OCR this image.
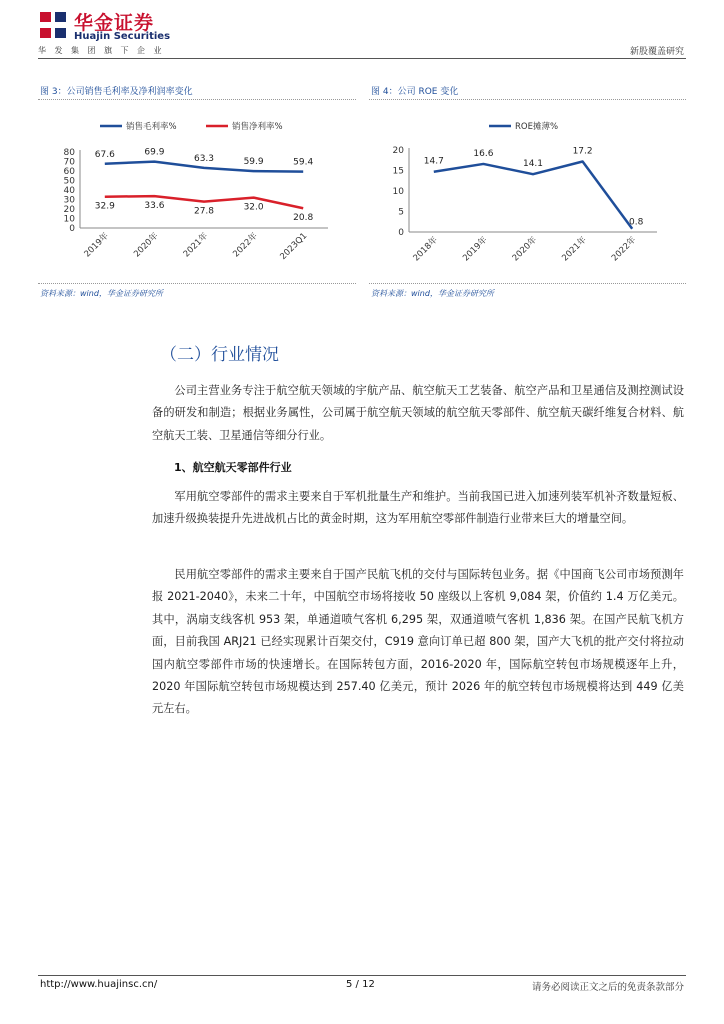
华金证券
Huajin Securities
华发集团旗下企业	新股覆盖研究
图 3：公司销售毛利率及净利润率变化
0
10
20
30
40
50
60
70
80
2019年 2020年 2021年 2022年 2023Q1
销售毛利率%
67.6	69.9
63.3	59.9	59.4
销售净利率%
32.9	33.6
27.8	32.0
20.8
资料来源：wind，华金证券研究所
图 4：公司 ROE 变化
0
5
10
15
20
2018年 2019年 2020年 2021年 2022年
ROE摊薄%
14.7
16.6
14.1
17.2
0.8
资料来源：wind，华金证券研究所
（二）行业情况
公司主营业务专注于航空航天领域的宇航产品、航空航天工艺装备、航空产品和卫星通信及测控测试设备的研发和制造；根据业务属性，公司属于航空航天领域的航空航天零部件、航空航天碳纤维复合材料、航空航天工装、卫星通信等细分行业。
1、航空航天零部件行业
军用航空零部件的需求主要来自于军机批量生产和维护。当前我国已进入加速列装军机补齐数量短板、加速升级换装提升先进战机占比的黄金时期，这为军用航空零部件制造行业带来巨大的增量空间。
民用航空零部件的需求主要来自于国产民航飞机的交付与国际转包业务。据《中国商飞公司市场预测年报 2021-2040》，未来二十年，中国航空市场将接收 50 座级以上客机 9,084 架，价值约 1.4 万亿美元。其中，涡扇支线客机 953 架，单通道喷气客机 6,295 架，双通道喷气客机 1,836 架。在国产民航飞机方面，目前我国 ARJ21 已经实现累计百架交付，C919 意向订单已超 800 架，国产大飞机的批产交付将拉动国内航空零部件市场的快速增长。在国际转包方面，2016-2020 年，国际航空转包市场规模逐年上升，2020 年国际航空转包市场规模达到 257.40 亿美元，预计 2026 年的航空转包市场规模将达到 449 亿美元左右。
http://www.huajinsc.cn/	5 / 12	请务必阅读正文之后的免责条款部分
